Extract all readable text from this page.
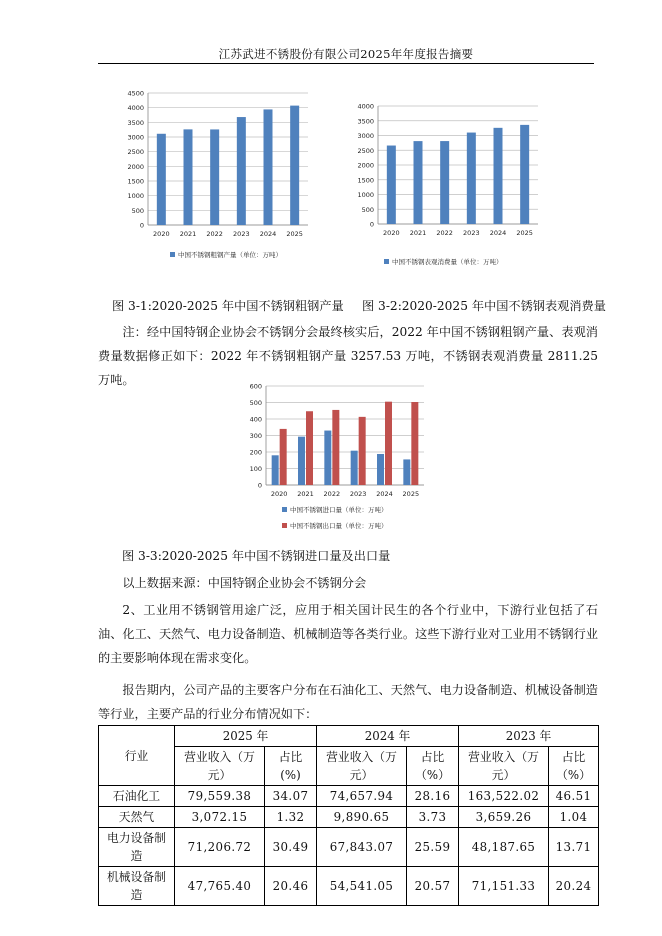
江苏武进不锈股份有限公司2025年年度报告摘要
0
500
1000
1500
2000
2500
3000
3500
4000
4500
2020 2021 2022 2023 2024 2025
中国不锈钢粗钢产量（单位：万吨）
0
500
1000
1500
2000
2500
3000
3500
4000
2020 2021 2022 2023 2024 2025
中国不锈钢表观消费量（单位：万吨）
图 3-1:2020-2025 年中国不锈钢粗钢产量 图 3-2:2020-2025 年中国不锈钢表观消费量
注：经中国特钢企业协会不锈钢分会最终核实后，2022 年中国不锈钢粗钢产量、表观消费量数据修正如下：2022 年不锈钢粗钢产量 3257.53 万吨，不锈钢表观消费量 2811.25 万吨。
0
100
200
300
400
500
600
2020 2021 2022 2023 2024 2025
中国不锈钢进口量（单位：万吨）
中国不锈钢出口量（单位：万吨）
图 3-3:2020-2025 年中国不锈钢进口量及出口量
以上数据来源：中国特钢企业协会不锈钢分会
2、工业用不锈钢管用途广泛，应用于相关国计民生的各个行业中，下游行业包括了石油、化工、天然气、电力设备制造、机械制造等各类行业。这些下游行业对工业用不锈钢行业的主要影响体现在需求变化。
报告期内，公司产品的主要客户分布在石油化工、天然气、电力设备制造、机械设备制造等行业，主要产品的行业分布情况如下：
行业	2025 年		2024 年		2023 年	
	营业收入（万元）	占比(%)	营业收入（万元）	占比（%）	营业收入（万元）	占比（%）
石油化工	79,559.38	34.07	74,657.94	28.16	163,522.02	46.51
天然气	3,072.15	1.32	9,890.65	3.73	3,659.26	1.04
电力设备制造	71,206.72	30.49	67,843.07	25.59	48,187.65	13.71
机械设备制造	47,765.40	20.46	54,541.05	20.57	71,151.33	20.24
